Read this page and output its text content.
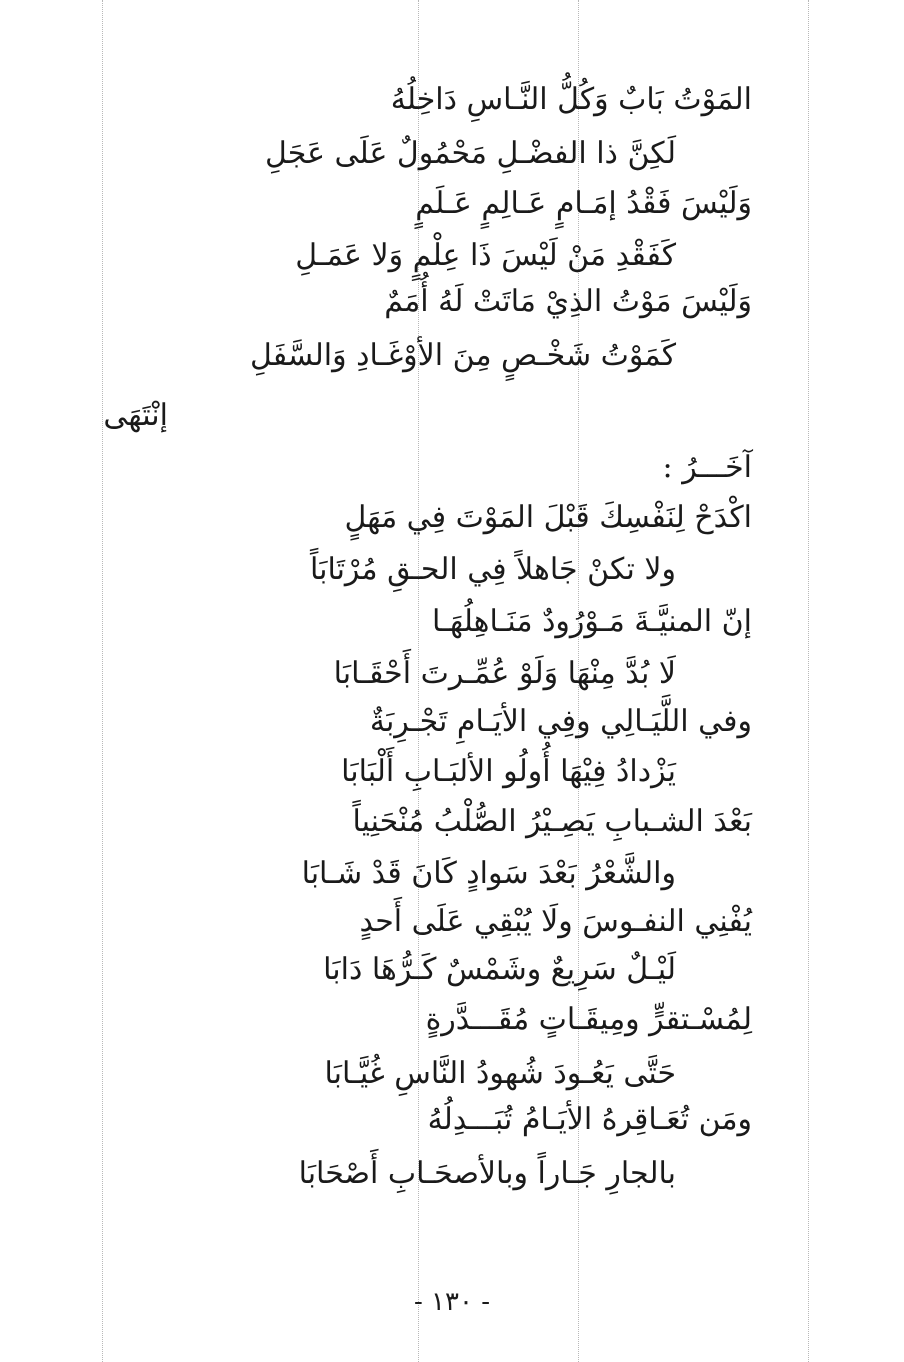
المَوْتُ بَابٌ وَكُلُّ النَّـاسِ دَاخِلُهُ
لَكِنَّ ذا الفضْـلِ مَحْمُولٌ عَلَى عَجَلِ
وَلَيْسَ فَقْدُ إمَـامٍ عَـالِمٍ عَـلَمٍ
كَفَقْدِ مَنْ لَيْسَ ذَا عِلْمٍ وَلا عَمَـلِ
وَلَيْسَ مَوْتُ الذِيْ مَاتَتْ لَهُ أُمَمٌ
كَمَوْتُ شَخْـصٍ مِنَ الأوْغَـادِ وَالسَّفَلِ
إنْتَهَى
آخَـــرُ :
اكْدَحْ لِنَفْسِكَ قَبْلَ المَوْتَ فِي مَهَلٍ
ولا تكنْ جَاهلاً فِي الحـقِ مُرْتَابَاً
إنّ المنيَّـةَ مَـوْرُودٌ مَنَـاهِلُهَـا
لَا بُدَّ مِنْهَا وَلَوْ عُمِّـرتَ أَحْقَـابَا
وفي اللَّيَـالِي وفِي الأيَـامِ تَجْـرِبَةٌ
يَزْدادُ فِيْهَا أُولُو الألبَـابِ أَلْبَابَا
بَعْدَ الشـبابِ يَصِـيْرُ الصُّلْبُ مُنْحَنِياً
والشَّعْرُ بَعْدَ سَوادٍ كَانَ قَدْ شَـابَا
يُفْنِي النفـوسَ ولَا يُبْقِي عَلَى أَحدٍ
لَيْـلٌ سَرِيعٌ وشَمْسٌ كَـرُّهَا دَابَا
لِمُسْـتقرٍّ ومِيقَـاتٍ مُقَـــدَّرةٍ
حَتَّى يَعُـودَ شُهودُ النَّاسِ غُيَّـابَا
ومَن تُعَـاقِرهُ الأيَـامُ تُبَـــدِلُهُ
بالجارِ جَـاراً وبالأصحَـابِ أَصْحَابَا
- ١٣٠ -
